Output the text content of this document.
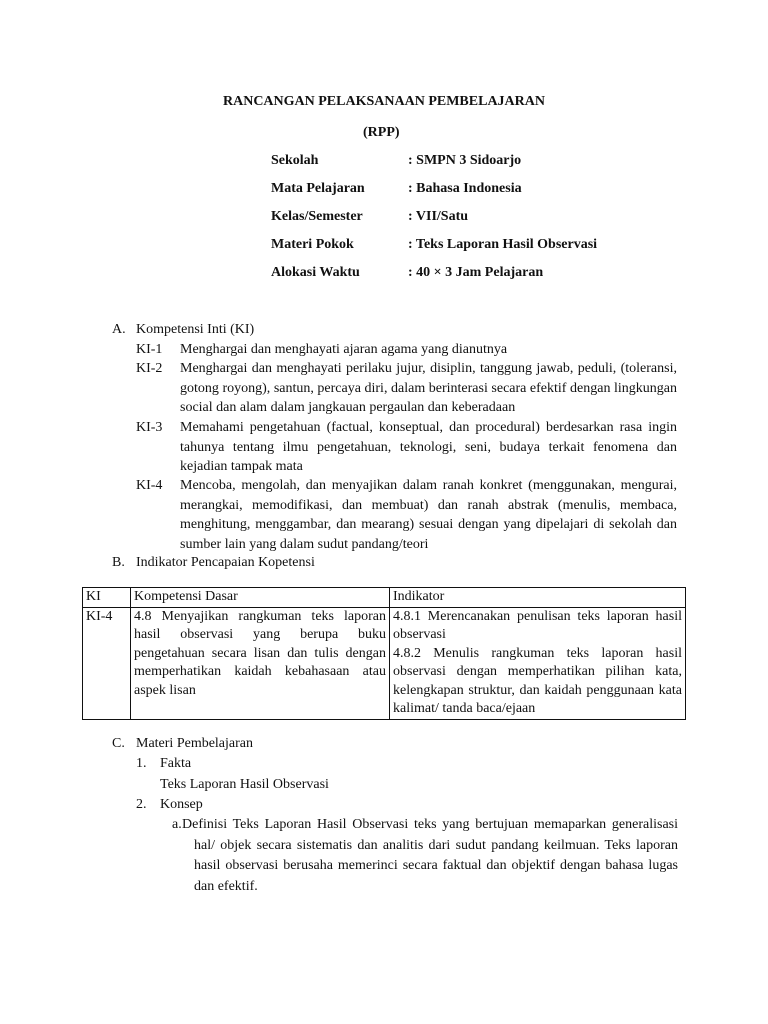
RANCANGAN PELAKSANAAN PEMBELAJARAN
(RPP)
Sekolah	: SMPN 3 Sidoarjo
Mata Pelajaran	: Bahasa Indonesia
Kelas/Semester	: VII/Satu
Materi Pokok	: Teks Laporan Hasil Observasi
Alokasi Waktu	: 40 × 3 Jam Pelajaran
A. Kompetensi Inti (KI)
KI-1 Menghargai dan menghayati ajaran agama yang dianutnya
KI-2 Menghargai dan menghayati perilaku jujur, disiplin, tanggung jawab, peduli, (toleransi, gotong royong), santun, percaya diri, dalam berinterasi secara efektif dengan lingkungan social dan alam dalam jangkauan pergaulan dan keberadaan
KI-3 Memahami pengetahuan (factual, konseptual, dan procedural) berdesarkan rasa ingin tahunya tentang ilmu pengetahuan, teknologi, seni, budaya terkait fenomena dan kejadian tampak mata
KI-4 Mencoba, mengolah, dan menyajikan dalam ranah konkret (menggunakan, mengurai, merangkai, memodifikasi, dan membuat) dan ranah abstrak (menulis, membaca, menghitung, menggambar, dan mearang) sesuai dengan yang dipelajari di sekolah dan sumber lain yang dalam sudut pandang/teori
B. Indikator Pencapaian Kopetensi
KI	Kompetensi Dasar	Indikator
KI-4	4.8 Menyajikan rangkuman teks laporan hasil observasi yang berupa buku pengetahuan secara lisan dan tulis dengan memperhatikan kaidah kebahasaan atau aspek lisan	4.8.1 Merencanakan penulisan teks laporan hasil observasi
4.8.2 Menulis rangkuman teks laporan hasil observasi dengan memperhatikan pilihan kata, kelengkapan struktur, dan kaidah penggunaan kata kalimat/ tanda baca/ejaan
C. Materi Pembelajaran
1. Fakta
Teks Laporan Hasil Observasi
2. Konsep
a. Definisi Teks Laporan Hasil Observasi teks yang bertujuan memaparkan generalisasi hal/ objek secara sistematis dan analitis dari sudut pandang keilmuan. Teks laporan hasil observasi berusaha memerinci secara faktual dan objektif dengan bahasa lugas dan efektif.
